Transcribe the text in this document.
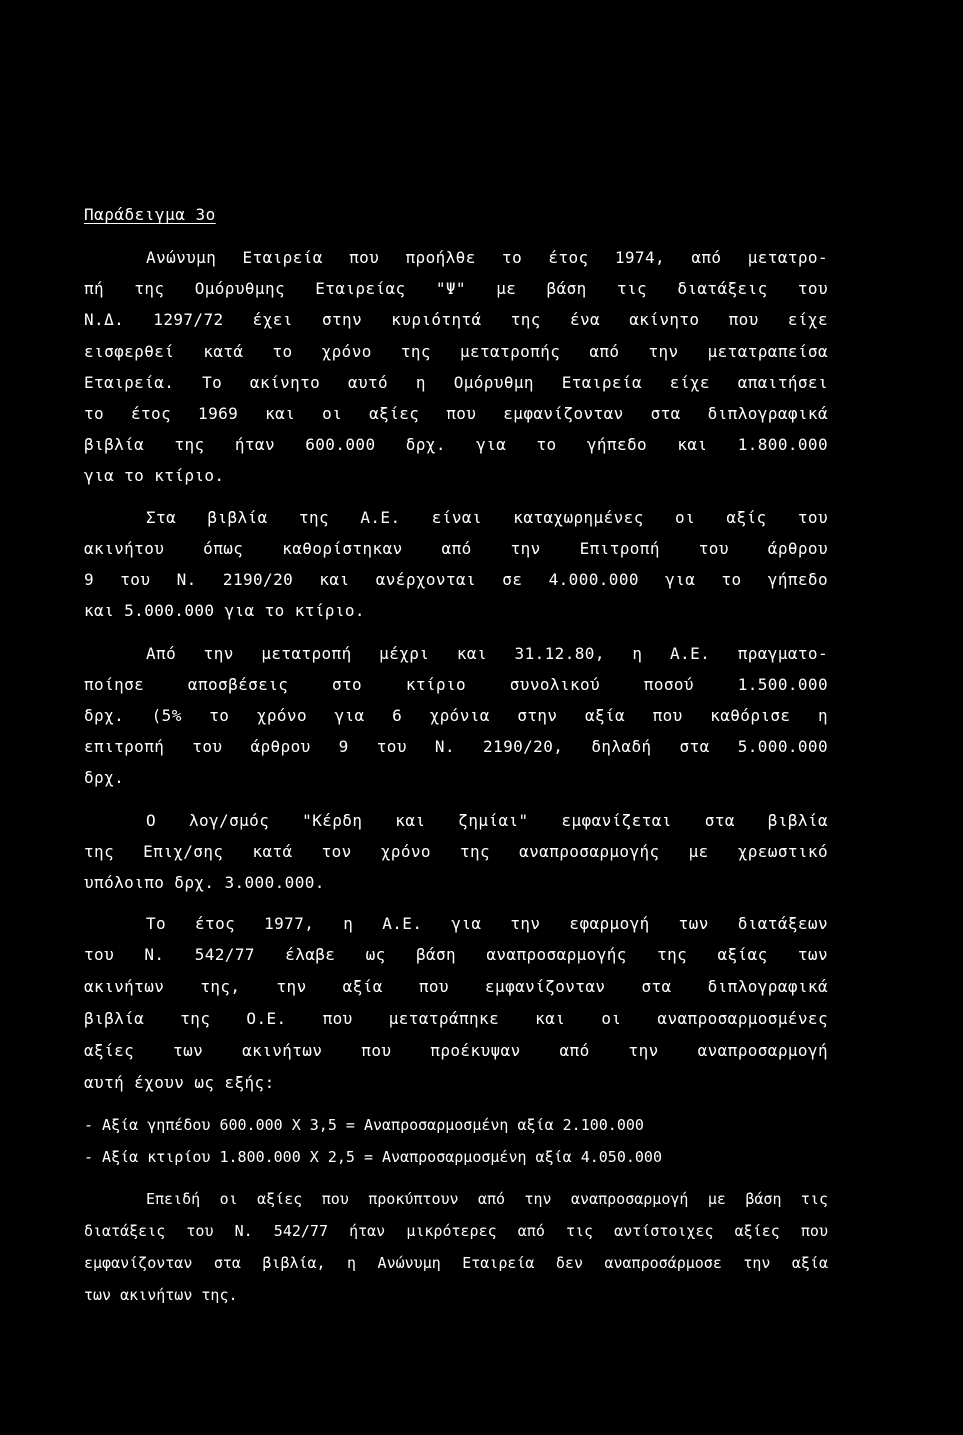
Παράδειγμα 3ο
Ανώνυμη Εταιρεία που προήλθε το έτος 1974, από μετατρο-
πή της Ομόρυθμης Εταιρείας "Ψ" με βάση τις διατάξεις του
Ν.Δ. 1297/72 έχει στην κυριότητά της ένα ακίνητο που είχε
εισφερθεί κατά το χρόνο της μετατροπής από την μετατραπείσα
Εταιρεία. Το ακίνητο αυτό η Ομόρυθμη Εταιρεία είχε απαιτήσει
το έτος 1969 και οι αξίες που εμφανίζονταν στα διπλογραφικά
βιβλία της ήταν 600.000 δρχ. για το γήπεδο και 1.800.000
για το κτίριο.
Στα βιβλία της Α.Ε. είναι καταχωρημένες οι αξίς του
ακινήτου όπως καθορίστηκαν από την Επιτροπή του άρθρου
9 του Ν. 2190/20 και ανέρχονται σε 4.000.000 για το γήπεδο
και 5.000.000 για το κτίριο.
Από την μετατροπή μέχρι και 31.12.80, η Α.Ε. πραγματο-
ποίησε αποσβέσεις στο κτίριο συνολικού ποσού 1.500.000
δρχ. (5% το χρόνο για 6 χρόνια στην αξία που καθόρισε η
επιτροπή του άρθρου 9 του Ν. 2190/20, δηλαδή στα 5.000.000
δρχ.
Ο λογ/σμός "Κέρδη και ζημίαι" εμφανίζεται στα βιβλία
της Επιχ/σης κατά τον χρόνο της αναπροσαρμογής με χρεωστικό
υπόλοιπο δρχ. 3.000.000.
Το έτος 1977, η Α.Ε. για την εφαρμογή των διατάξεων
του Ν. 542/77 έλαβε ως βάση αναπροσαρμογής της αξίας των
ακινήτων της, την αξία που εμφανίζονταν στα διπλογραφικά
βιβλία της Ο.Ε. που μετατράπηκε και οι αναπροσαρμοσμένες
αξίες των ακινήτων που προέκυψαν από την αναπροσαρμογή
αυτή έχουν ως εξής:
- Αξία γηπέδου 600.000 Χ 3,5 = Αναπροσαρμοσμένη αξία 2.100.000
- Αξία κτιρίου 1.800.000 Χ 2,5 = Αναπροσαρμοσμένη αξία 4.050.000
Επειδή οι αξίες που προκύπτουν από την αναπροσαρμογή με βάση τις
διατάξεις του Ν. 542/77 ήταν μικρότερες από τις αντίστοιχες αξίες που
εμφανίζονταν στα βιβλία, η Ανώνυμη Εταιρεία δεν αναπροσάρμοσε την αξία
των ακινήτων της.
